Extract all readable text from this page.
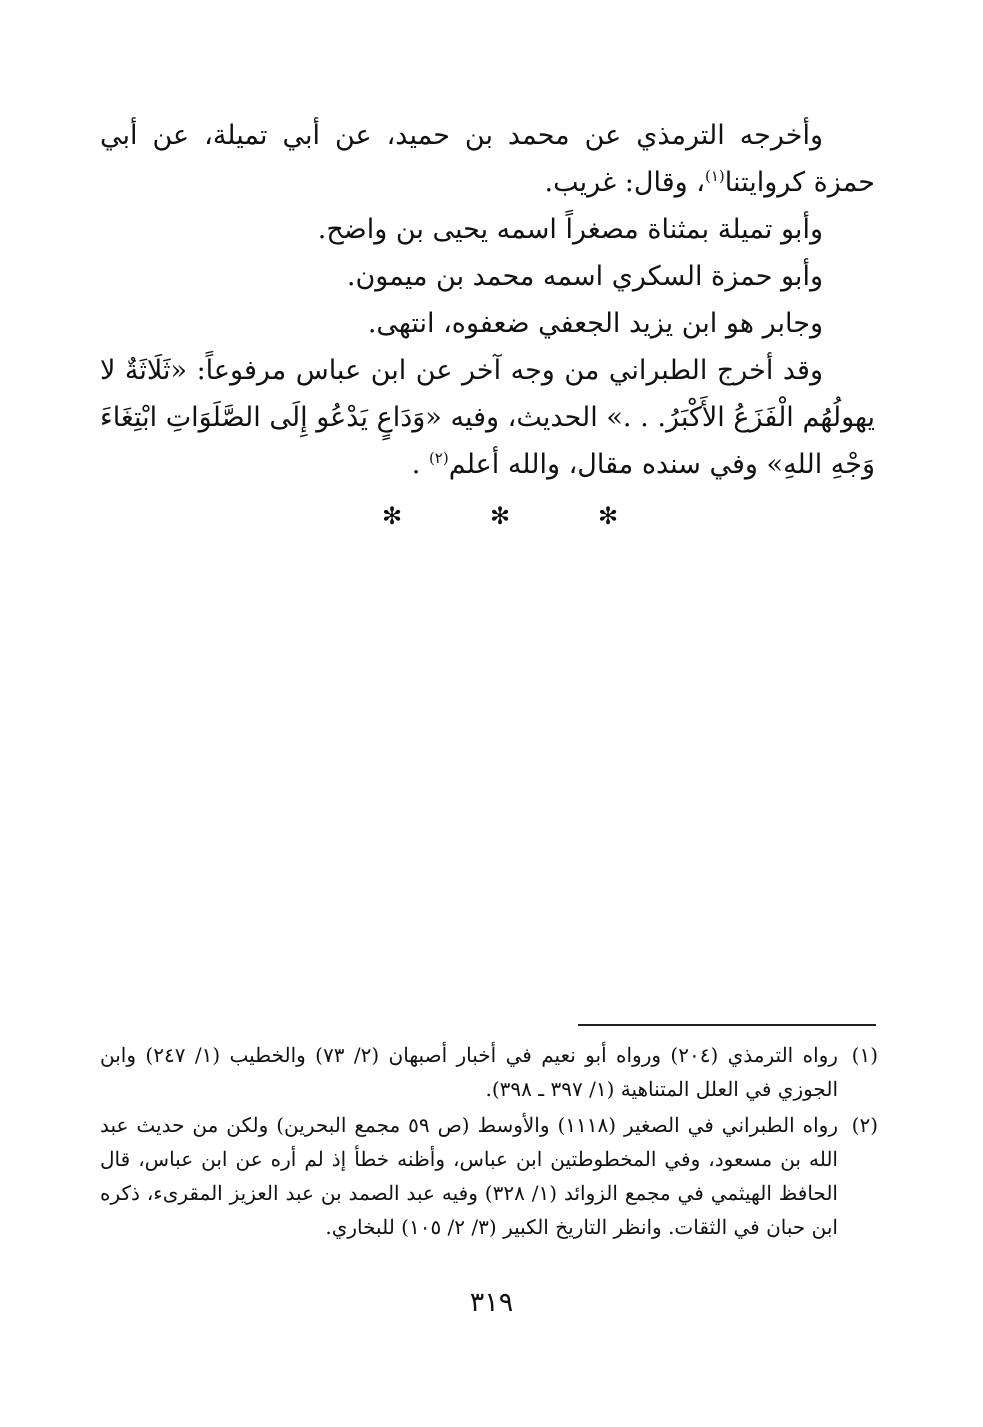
وأخرجه الترمذي عن محمد بن حميد، عن أبي تميلة، عن أبي حمزة كروايتنا$^{(١)}$، وقال: غريب.

وأبو تميلة بمثناة مصغراً اسمه يحيى بن واضح.

وأبو حمزة السكري اسمه محمد بن ميمون.

وجابر هو ابن يزيد الجعفي ضعفوه، انتهى.

وقد أخرج الطبراني من وجه آخر عن ابن عباس مرفوعاً: «ثَلَاثَةٌ لا يهولُهُم الْفَزَعُ الأَكْبَرُ. . .» الحديث، وفيه «وَدَاعٍ يَدْعُو إِلَى الصَّلَوَاتِ ابْتِغَاءَ وَجْهِ اللهِ» وفي سنده مقال، والله أعلم$^{(٢)}$ .

✻
✻
✻
(١)
رواه الترمذي (٢٠٤) ورواه أبو نعيم في أخبار أصبهان (٢/ ٧٣) والخطيب (١/ ٢٤٧) وابن الجوزي في العلل المتناهية (١/ ٣٩٧ ـ ٣٩٨).
(٢)
رواه الطبراني في الصغير (١١١٨) والأوسط (ص ٥٩ مجمع البحرين) ولكن من حديث عبد الله بن مسعود، وفي المخطوطتين ابن عباس، وأظنه خطأ إذ لم أره عن ابن عباس، قال الحافظ الهيثمي في مجمع الزوائد (١/ ٣٢٨) وفيه عبد الصمد بن عبد العزيز المقرىء، ذكره ابن حبان في الثقات. وانظر التاريخ الكبير (٣/ ٢/ ١٠٥) للبخاري.
٣١٩
